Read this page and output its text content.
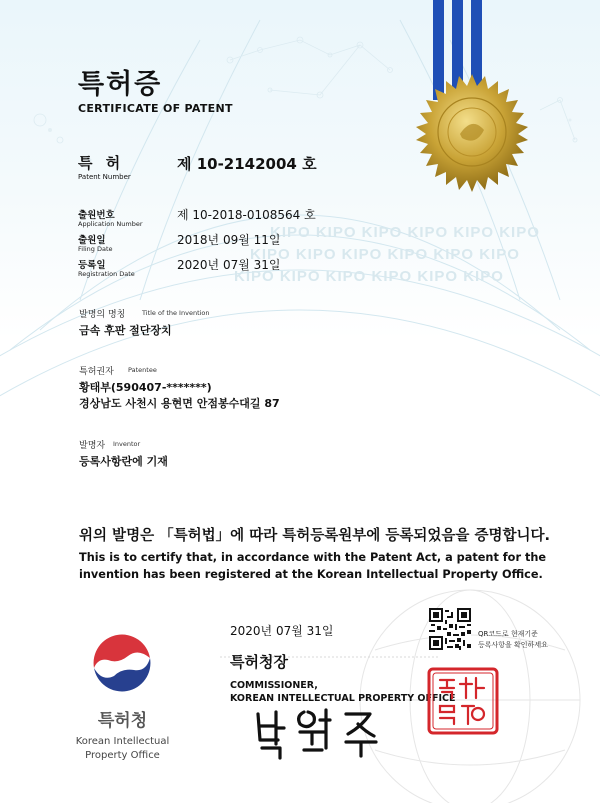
KIPO KIPO KIPO KIPO KIPO KIPO
KIPO KIPO KIPO KIPO KIPO KIPO
KIPO KIPO KIPO KIPO KIPO KIPO
특허증
CERTIFICATE OF PATENT
특 허
Patent Number
제 10-2142004 호
출원번호
Application Number
제 10-2018-0108564 호
출원일
Filing Date
2018년 09월 11일
등록일
Registration Date
2020년 07월 31일
발명의 명칭	Title of the Invention
금속 후판 절단장치
특허권자 Patentee
황태부(590407-*******)
경상남도 사천시 용현면 안점봉수대길 87
발명자 Inventor
등록사항란에 기재
위의 발명은 「특허법」에 따라 특허등록원부에 등록되었음을 증명합니다.
This is to certify that, in accordance with the Patent Act, a patent for the
invention has been registered at the Korean Intellectual Property Office.
2020년 07월 31일
특허청장
COMMISSIONER,
KOREAN INTELLECTUAL PROPERTY OFFICE
QR코드로 현재기준
등록사항을 확인하세요
특허청
Korean Intellectual
Property Office
